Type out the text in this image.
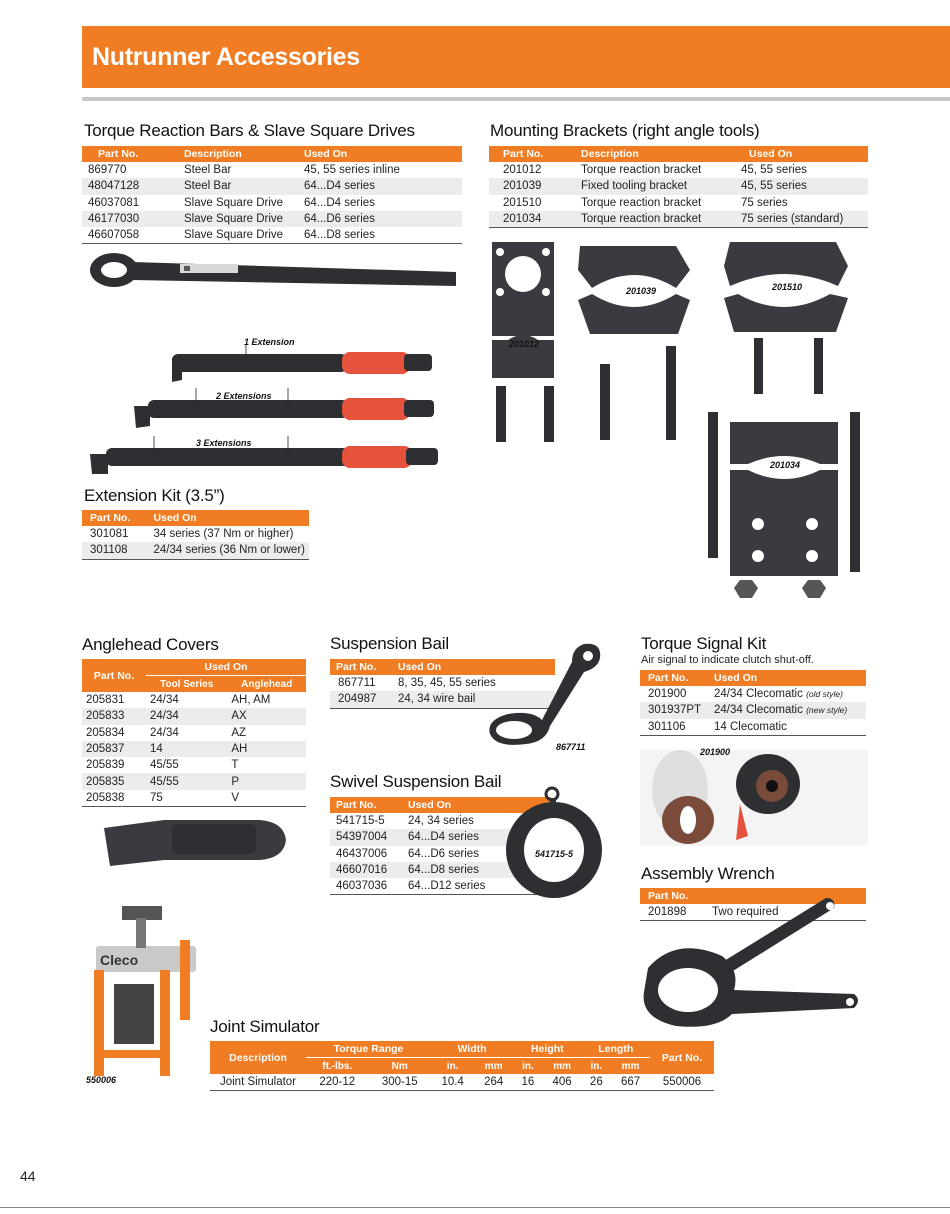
Nutrunner Accessories
Torque Reaction Bars & Slave Square Drives
Part No.	Description	Used On
869770	Steel Bar	45, 55 series inline
48047128	Steel Bar	64...D4 series
46037081	Slave Square Drive	64...D4 series
46177030	Slave Square Drive	64...D6 series
46607058	Slave Square Drive	64...D8 series
1 Extension
2 Extensions
3 Extensions
Extension Kit (3.5”)
Part No.	Used On
301081	34 series (37 Nm or higher)
301108	24/34 series (36 Nm or lower)
Mounting Brackets (right angle tools)
Part No.	Description	Used On
201012	Torque reaction bracket	45, 55 series
201039	Fixed tooling bracket	45, 55 series
201510	Torque reaction bracket	75 series
201034	Torque reaction bracket	75 series (standard)
201012
201039	201510
201034
Anglehead Covers
Part No.	Used On	
	Tool Series	Anglehead
205831	24/34	AH, AM
205833	24/34	AX
205834	24/34	AZ
205837	14	AH
205839	45/55	T
205835	45/55	P
205838	75	V
Cleco
550006
Joint Simulator
Description	Torque Range		Width		Height		Length		Part No.
	ft.-lbs.	Nm	in.	mm	in.	mm	in.	mm	
Joint Simulator	220-12	300-15	10.4	264	16	406	26	667	550006
Suspension Bail
Part No.	Used On
867711	8, 35, 45, 55 series
204987	24, 34 wire bail
867711
Swivel Suspension Bail
Part No.	Used On
541715-5	24, 34 series
54397004	64...D4 series
46437006	64...D6 series
46607016	64...D8 series
46037036	64...D12 series
541715-5
Torque Signal Kit
Air signal to indicate clutch shut-off.
Part No.	Used On
201900	24/34 Clecomatic (old style)
301937PT	24/34 Clecomatic (new style)
301106	14 Clecomatic
201900
Assembly Wrench
Part No.	
201898	Two required
44
